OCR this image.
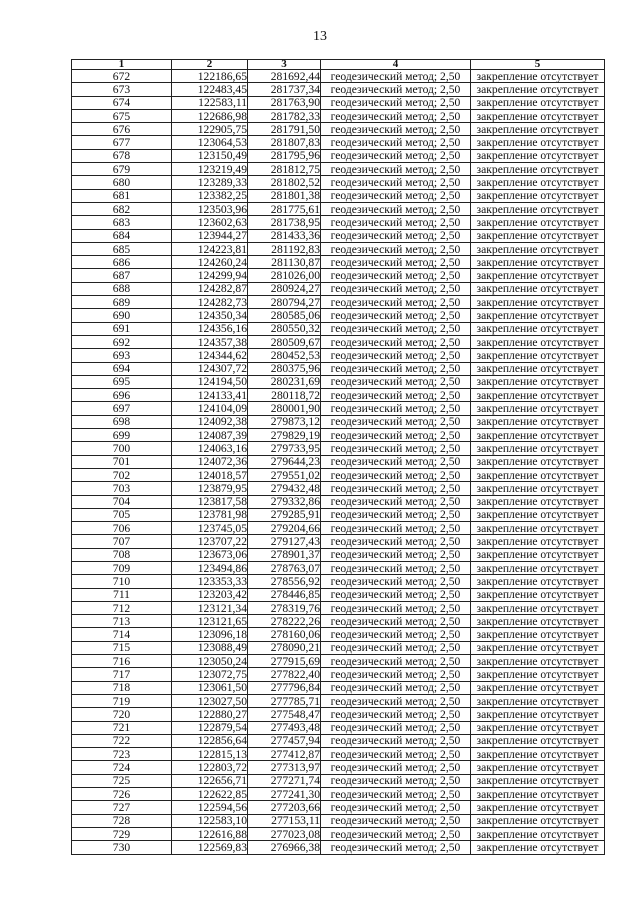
13
1	2	3	4	5
672	122186,65	281692,44	геодезический метод; 2,50	закрепление отсутствует
673	122483,45	281737,34	геодезический метод; 2,50	закрепление отсутствует
674	122583,11	281763,90	геодезический метод; 2,50	закрепление отсутствует
675	122686,98	281782,33	геодезический метод; 2,50	закрепление отсутствует
676	122905,75	281791,50	геодезический метод; 2,50	закрепление отсутствует
677	123064,53	281807,83	геодезический метод; 2,50	закрепление отсутствует
678	123150,49	281795,96	геодезический метод; 2,50	закрепление отсутствует
679	123219,49	281812,75	геодезический метод; 2,50	закрепление отсутствует
680	123289,33	281802,52	геодезический метод; 2,50	закрепление отсутствует
681	123382,25	281801,38	геодезический метод; 2,50	закрепление отсутствует
682	123503,96	281775,61	геодезический метод; 2,50	закрепление отсутствует
683	123602,63	281738,95	геодезический метод; 2,50	закрепление отсутствует
684	123944,27	281433,36	геодезический метод; 2,50	закрепление отсутствует
685	124223,81	281192,83	геодезический метод; 2,50	закрепление отсутствует
686	124260,24	281130,87	геодезический метод; 2,50	закрепление отсутствует
687	124299,94	281026,00	геодезический метод; 2,50	закрепление отсутствует
688	124282,87	280924,27	геодезический метод; 2,50	закрепление отсутствует
689	124282,73	280794,27	геодезический метод; 2,50	закрепление отсутствует
690	124350,34	280585,06	геодезический метод; 2,50	закрепление отсутствует
691	124356,16	280550,32	геодезический метод; 2,50	закрепление отсутствует
692	124357,38	280509,67	геодезический метод; 2,50	закрепление отсутствует
693	124344,62	280452,53	геодезический метод; 2,50	закрепление отсутствует
694	124307,72	280375,96	геодезический метод; 2,50	закрепление отсутствует
695	124194,50	280231,69	геодезический метод; 2,50	закрепление отсутствует
696	124133,41	280118,72	геодезический метод; 2,50	закрепление отсутствует
697	124104,09	280001,90	геодезический метод; 2,50	закрепление отсутствует
698	124092,38	279873,12	геодезический метод; 2,50	закрепление отсутствует
699	124087,39	279829,19	геодезический метод; 2,50	закрепление отсутствует
700	124063,16	279733,95	геодезический метод; 2,50	закрепление отсутствует
701	124072,36	279644,23	геодезический метод; 2,50	закрепление отсутствует
702	124018,57	279551,02	геодезический метод; 2,50	закрепление отсутствует
703	123879,95	279432,48	геодезический метод; 2,50	закрепление отсутствует
704	123817,58	279332,86	геодезический метод; 2,50	закрепление отсутствует
705	123781,98	279285,91	геодезический метод; 2,50	закрепление отсутствует
706	123745,05	279204,66	геодезический метод; 2,50	закрепление отсутствует
707	123707,22	279127,43	геодезический метод; 2,50	закрепление отсутствует
708	123673,06	278901,37	геодезический метод; 2,50	закрепление отсутствует
709	123494,86	278763,07	геодезический метод; 2,50	закрепление отсутствует
710	123353,33	278556,92	геодезический метод; 2,50	закрепление отсутствует
711	123203,42	278446,85	геодезический метод; 2,50	закрепление отсутствует
712	123121,34	278319,76	геодезический метод; 2,50	закрепление отсутствует
713	123121,65	278222,26	геодезический метод; 2,50	закрепление отсутствует
714	123096,18	278160,06	геодезический метод; 2,50	закрепление отсутствует
715	123088,49	278090,21	геодезический метод; 2,50	закрепление отсутствует
716	123050,24	277915,69	геодезический метод; 2,50	закрепление отсутствует
717	123072,75	277822,40	геодезический метод; 2,50	закрепление отсутствует
718	123061,50	277796,84	геодезический метод; 2,50	закрепление отсутствует
719	123027,50	277785,71	геодезический метод; 2,50	закрепление отсутствует
720	122880,27	277548,47	геодезический метод; 2,50	закрепление отсутствует
721	122879,54	277493,48	геодезический метод; 2,50	закрепление отсутствует
722	122856,64	277457,94	геодезический метод; 2,50	закрепление отсутствует
723	122815,13	277412,87	геодезический метод; 2,50	закрепление отсутствует
724	122803,72	277313,97	геодезический метод; 2,50	закрепление отсутствует
725	122656,71	277271,74	геодезический метод; 2,50	закрепление отсутствует
726	122622,85	277241,30	геодезический метод; 2,50	закрепление отсутствует
727	122594,56	277203,66	геодезический метод; 2,50	закрепление отсутствует
728	122583,10	277153,11	геодезический метод; 2,50	закрепление отсутствует
729	122616,88	277023,08	геодезический метод; 2,50	закрепление отсутствует
730	122569,83	276966,38	геодезический метод; 2,50	закрепление отсутствует
